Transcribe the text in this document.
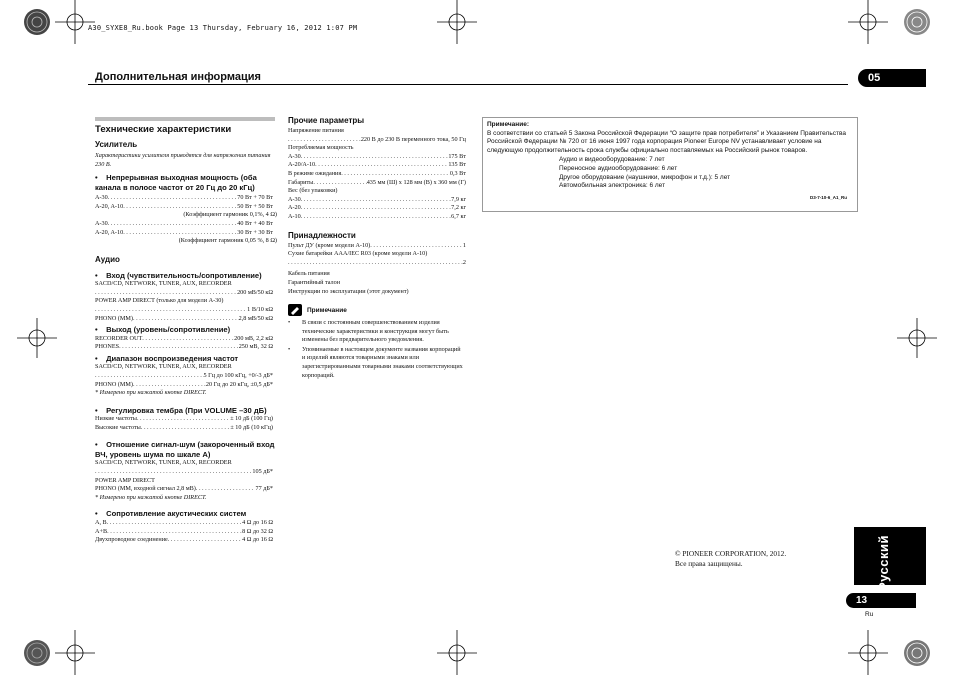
A30_SYXE8_Ru.book Page 13 Thursday, February 16, 2012 1:07 PM
Дополнительная информация	05
Технические характеристики
Усилитель
Характеристики усилителя приводятся для напряжения питания 230 В.
•    Непрерывная выходная мощность (оба канала в полосе частот от 20 Гц до 20 кГц)
A-30 . . .	70 Вт + 70 Вт
A-20, A-10 . . .	50 Вт + 50 Вт
(Коэффициент гармоник 0,1%, 4 Ω)
A-30 . . .	40 Вт + 40 Вт
A-20, A-10 . . .	30 Вт + 30 Вт
(Коэффициент гармоник 0,05 %, 8 Ω)
Аудио
•    Вход (чувствительность/сопротивление)
SACD/CD, NETWORK, TUNER, AUX, RECORDER
. . .
200 мВ/50 кΩ
POWER AMP DIRECT (только для модели A-30)
. . .
1 В/10 кΩ
PHONO (MM) . . .	2,8 мВ/50 кΩ
•    Выход (уровень/сопротивление)
RECORDER OUT . . .	200 мВ, 2,2 кΩ
PHONES . . .	250 мВ, 32 Ω
•    Диапазон воспроизведения частот
SACD/CD, NETWORK, TUNER, AUX, RECORDER
. . .
5 Гц до 100 кГц, +0/-3 дБ*
PHONO (MM) . . .	20 Гц до 20 кГц, ±0,5 дБ*
* Измерено при нажатой кнопке DIRECT.
•    Регулировка тембра (При VOLUME –30 дБ)
Низкие частоты . . .	± 10 дБ (100 Гц)
Высокие частоты . . .	± 10 дБ (10 кГц)
•    Отношение сигнал-шум (закороченный вход ВЧ, уровень шума по шкале A)
SACD/CD, NETWORK, TUNER, AUX, RECORDER
. . .
105 дБ*
POWER AMP DIRECT
PHONO (MM, входной сигнал 2,8 мВ) . . .	77 дБ*
* Измерено при нажатой кнопке DIRECT.
•    Сопротивление акустических систем
A, B . . .	4 Ω до 16 Ω
A+B . . .	8 Ω до 32 Ω
Двухпроводное соединение . . .	4 Ω до 16 Ω
Прочие параметры
Напряжение питания
. . .
220 В до 230 В переменного тока, 50 Гц
Потребляемая мощность
A-30 . . .	175 Вт
A-20/A-10 . . .	135 Вт
В режиме ожидания . . .	0,3 Вт
Габариты . . .	435 мм (Ш) x 128 мм (В) x 360 мм (Г)
Вес (без упаковки)
A-30 . . .	7,9 кг
A-20 . . .	7,2 кг
A-10 . . .	6,7 кг
Принадлежности
Пульт ДУ (кроме модели A-10) . . .	1
Сухие батарейки AAA/IEC R03 (кроме модели A-10)
. . .
2
Кабель питания
Гарантийный талон
Инструкции по эксплуатации (этот документ)
Примечание
•	В связи с постоянным совершенствованием изделия технические характеристики и конструкция могут быть изменены без предварительного уведомления.
•	Упоминаемые в настоящем документе названия корпораций и изделий являются товарными знаками или зарегистрированными товарными знаками соответствующих корпораций.
Примечание:
В соответствии со статьей 5 Закона Российской Федерации “О защите прав потребителя” и Указанием Правительства Российской Федерации № 720 от 16 июня 1997 года корпорация Pioneer Europe NV устанавливает условие на следующую продолжительность срока службы официально поставляемых на Российский рынок товаров.
Аудио и видеооборудование: 7 лет
Переносное аудиооборудование: 6 лет
Другое оборудование (наушники, микрофон и т.д.): 5 лет
Автомобильная электроника: 6 лет
D3-7-10-6_A1_Ru
© PIONEER CORPORATION, 2012.
Все права защищены.	Русский
13
Ru
